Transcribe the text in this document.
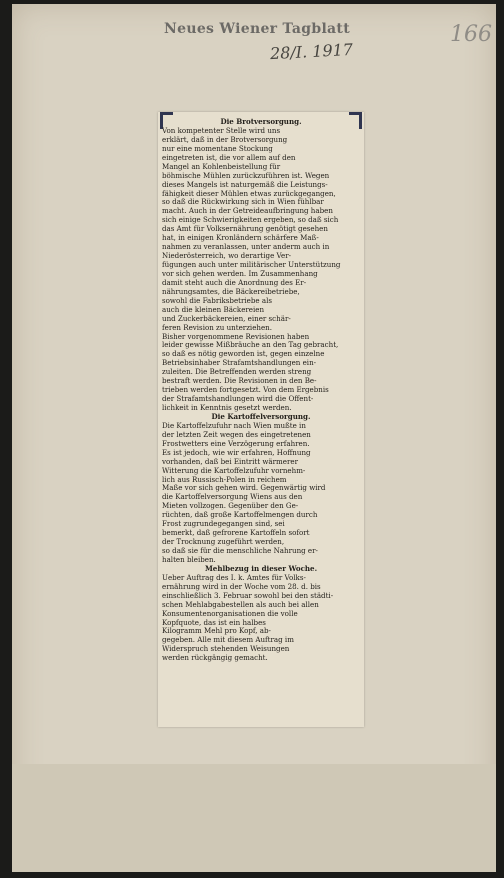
Neues Wiener Tagblatt
28/I. 1917
166
Die Brotversorgung.
Von kompetenter Stelle wird uns
erklärt, daß in der Brotversorgung
nur eine momentane Stockung
eingetreten ist, die vor allem auf den
Mangel an Kohlenbeistellung für
böhmische Mühlen zurückzuführen ist. Wegen
dieses Mangels ist naturgemäß die Leistungs-
fähigkeit dieser Mühlen etwas zurückgegangen,
so daß die Rückwirkung sich in Wien fühlbar
macht. Auch in der Getreideaufbringung haben
sich einige Schwierigkeiten ergeben, so daß sich
das Amt für Volksernährung genötigt gesehen
hat, in einigen Kronländern schärfere Maß-
nahmen zu veranlassen, unter anderm auch in
Niederösterreich, wo derartige Ver-
fügungen auch unter militärischer Unterstützung
vor sich gehen werden. Im Zusammenhang
damit steht auch die Anordnung des Er-
nährungsamtes, die Bäckereibetriebe,
sowohl die Fabriksbetriebe als
auch die kleinen Bäckereien
und Zuckerbäckereien, einer schär-
feren Revision zu unterziehen.
Bisher vorgenommene Revisionen haben
leider gewisse Mißbräuche an den Tag gebracht,
so daß es nötig geworden ist, gegen einzelne
Betriebsinhaber Strafamtshandlungen ein-
zuleiten. Die Betreffenden werden streng
bestraft werden. Die Revisionen in den Be-
trieben werden fortgesetzt. Von dem Ergebnis
der Strafamtshandlungen wird die Öffent-
lichkeit in Kenntnis gesetzt werden.
Die Kartoffelversorgung.
Die Kartoffelzufuhr nach Wien mußte in
der letzten Zeit wegen des eingetretenen
Frostwetters eine Verzögerung erfahren.
Es ist jedoch, wie wir erfahren, Hoffnung
vorhanden, daß bei Eintritt wärmerer
Witterung die Kartoffelzufuhr vornehm-
lich aus Russisch-Polen in reichem
Maße vor sich gehen wird. Gegenwärtig wird
die Kartoffelversorgung Wiens aus den
Mieten vollzogen. Gegenüber den Ge-
rüchten, daß große Kartoffelmengen durch
Frost zugrundegegangen sind, sei
bemerkt, daß gefrorene Kartoffeln sofort
der Trocknung zugeführt werden,
so daß sie für die menschliche Nahrung er-
halten bleiben.
Mehlbezug in dieser Woche.
Ueber Auftrag des I. k. Amtes für Volks-
ernährung wird in der Woche vom 28. d. bis
einschließlich 3. Februar sowohl bei den städti-
schen Mehlabgabestellen als auch bei allen
Konsumentenorganisationen die volle
Kopfquote, das ist ein halbes
Kilogramm Mehl pro Kopf, ab-
gegeben. Alle mit diesem Auftrag im
Widerspruch stehenden Weisungen
werden rückgängig gemacht.
